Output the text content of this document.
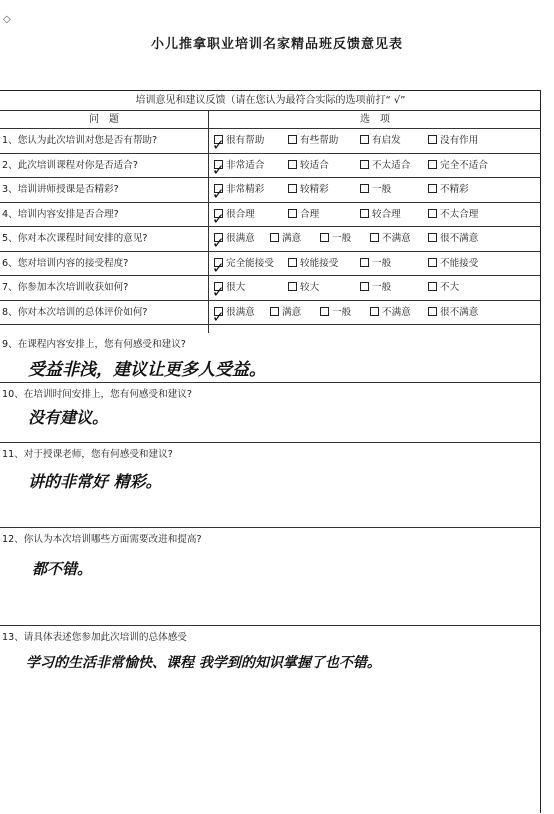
◇
小儿推拿职业培训名家精品班反馈意见表
培训意见和建议反馈（请在您认为最符合实际的选项前打“ √”
问　题	选　项
1、您认为此次培训对您是否有帮助?	✓ 很有帮助	有些帮助	有启发	没有作用
2、此次培训课程对你是否适合?	✓ 非常适合	较适合	不太适合	完全不适合
3、培训讲师授课是否精彩?	✓ 非常精彩	较精彩	一般	不精彩
4、培训内容安排是否合理?	✓ 很合理	合理	较合理	不太合理
5、你对本次课程时间安排的意见?	✓ 很满意	满意	一般	不满意	很不满意
6、您对培训内容的接受程度?	✓ 完全能接受	较能接受	一般	不能接受
7、你参加本次培训收获如何?	✓ 很大	较大	一般	不大
8、你对本次培训的总体评价如何?	✓ 很满意	满意	一般	不满意	很不满意
9、在课程内容安排上，您有何感受和建议?
受益非浅，建议让更多人受益。
10、在培训时间安排上，您有何感受和建议?
没有建议。
11、对于授课老师，您有何感受和建议?
讲的非常好 精彩。
12、你认为本次培训哪些方面需要改进和提高?
都不错。
13、请具体表述您参加此次培训的总体感受
学习的生活非常愉快、课程 我学到的知识掌握了也不错。
